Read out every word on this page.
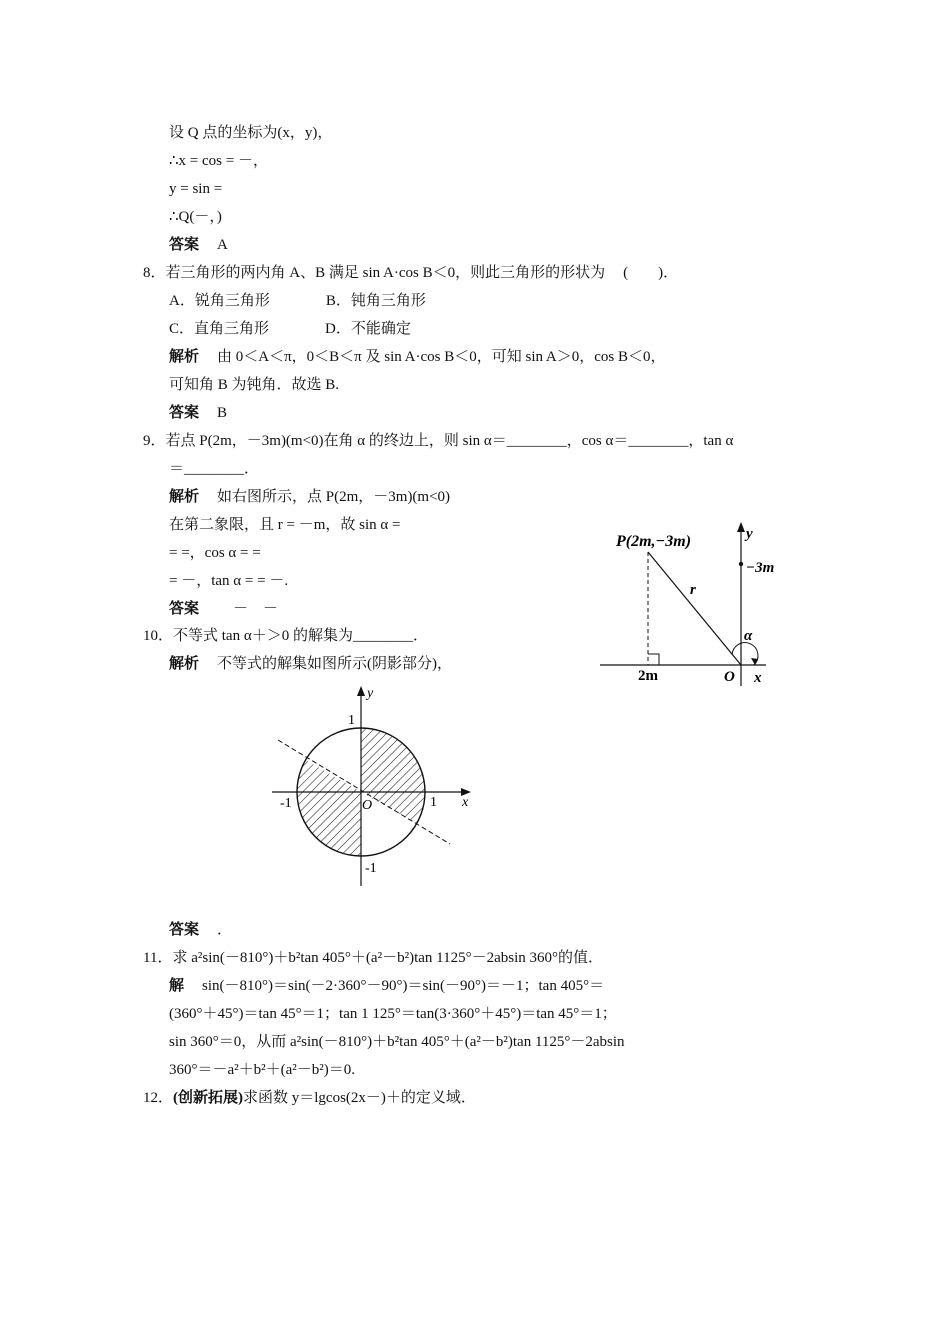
设 Q 点的坐标为(x，y)，
∴x = cos = －，
y = sin =
∴Q(－，)
答案 A
8．若三角形的两内角 A、B 满足 sin A·cos B＜0，则此三角形的形状为 (　　)．
A．锐角三角形	B．钝角三角形
C．直角三角形	D．不能确定
解析 由 0＜A＜π，0＜B＜π 及 sin A·cos B＜0，可知 sin A＞0，cos B＜0，
可知角 B 为钝角．故选 B.
答案 B
9．若点 P(2m，－3m)(m<0)在角 α 的终边上，则 sin α＝________，cos α＝________，tan α
＝________．
解析 如右图所示，点 P(2m，－3m)(m<0)
在第二象限，且 r = －m，故 sin α =
= =，cos α = =
= －，tan α = = －.
答案 －　－
P(2m,−3m)	y
−3m
r
α
2m	O x
10．不等式 tan α＋＞0 的解集为________．
解析 不等式的解集如图所示(阴影部分)，
y
x
1
-1
-1	1
O
答案 ．
11．求 a²sin(－810°)＋b²tan 405°＋(a²－b²)tan 1125°－2absin 360°的值．
解 sin(－810°)＝sin(－2·360°－90°)＝sin(－90°)＝－1；tan 405°＝
(360°＋45°)＝tan 45°＝1；tan 1 125°＝tan(3·360°＋45°)＝tan 45°＝1；
sin 360°＝0，从而 a²sin(－810°)＋b²tan 405°＋(a²－b²)tan 1125°－2absin
360°＝－a²＋b²＋(a²－b²)＝0.
12．(创新拓展)求函数 y＝lgcos(2x－)＋的定义域．
